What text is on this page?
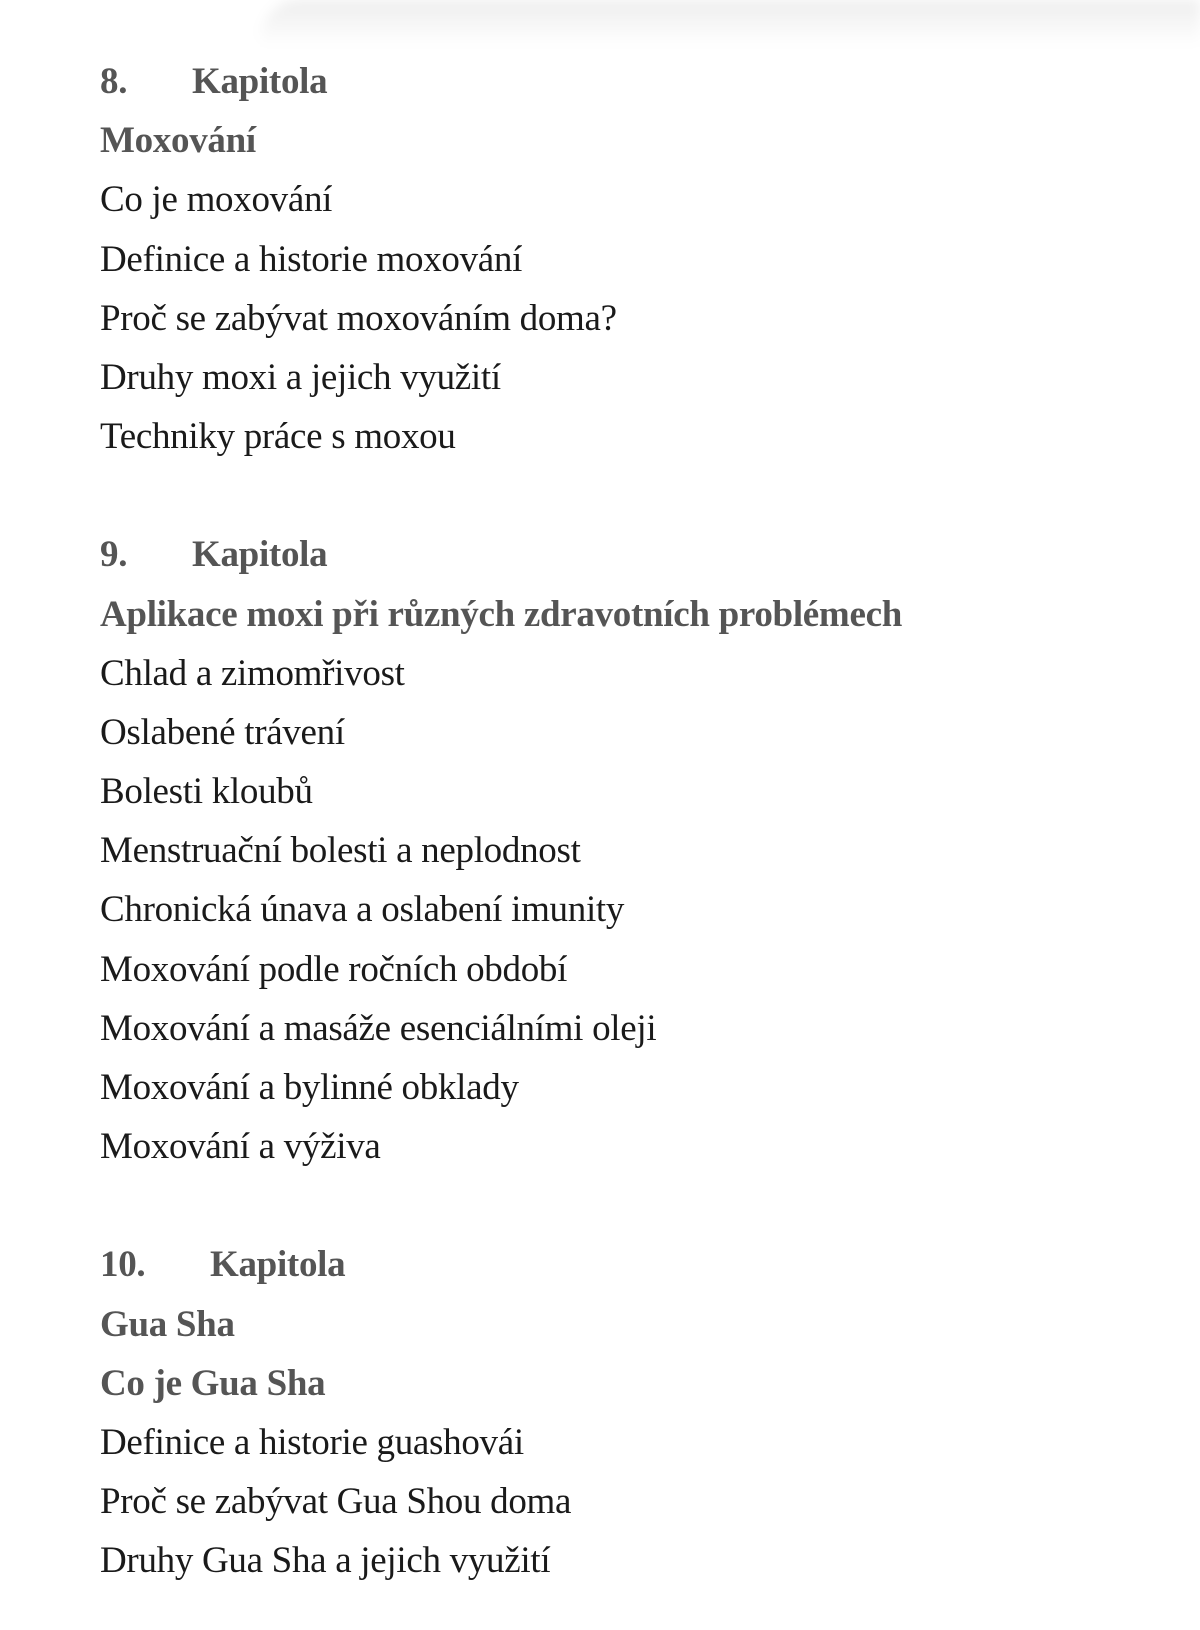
8. Kapitola
Moxování
Co je moxování
Definice a historie moxování
Proč se zabývat moxováním doma?
Druhy moxi a jejich využití
Techniky práce s moxou
9. Kapitola
Aplikace moxi při různých zdravotních problémech
Chlad a zimomřivost
Oslabené trávení
Bolesti kloubů
Menstruační bolesti a neplodnost
Chronická únava a oslabení imunity
Moxování podle ročních období
Moxování a masáže esenciálními oleji
Moxování a bylinné obklady
Moxování a výživa
10. Kapitola
Gua Sha
Co je Gua Sha
Definice a historie guashovái
Proč se zabývat Gua Shou doma
Druhy Gua Sha a jejich využití
